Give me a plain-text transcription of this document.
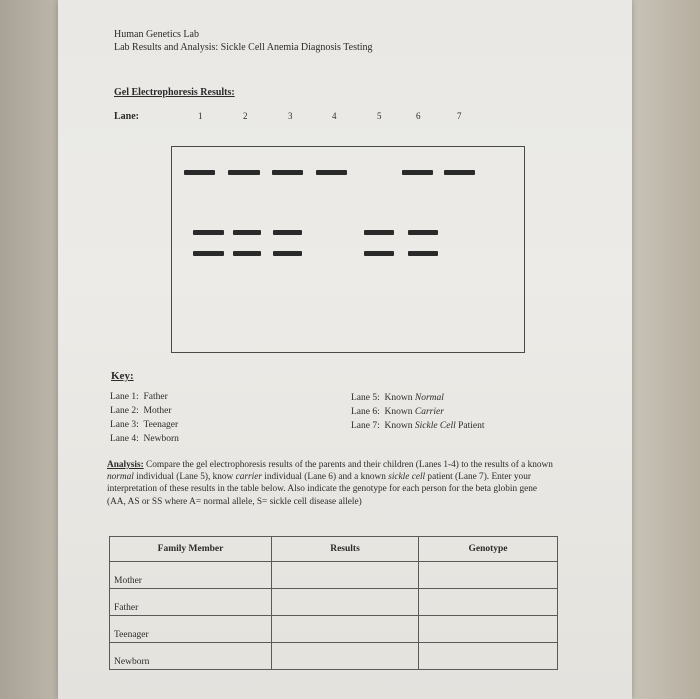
Human Genetics Lab
Lab Results and Analysis: Sickle Cell Anemia Diagnosis Testing
Gel Electrophoresis Results:
Lane:	1	2	3	4	5	6	7
Key:
Lane 1: Father
Lane 2: Mother
Lane 3: Teenager
Lane 4: Newborn
Lane 5: Known Normal
Lane 6: Known Carrier
Lane 7: Known Sickle Cell Patient
Analysis: Compare the gel electrophoresis results of the parents and their children (Lanes 1-4) to the results of a known normal individual (Lane 5), know carrier individual (Lane 6) and a known sickle cell patient (Lane 7). Enter your interpretation of these results in the table below. Also indicate the genotype for each person for the beta globin gene (AA, AS or SS where A= normal allele, S= sickle cell disease allele)
Family Member	Results	Genotype
Mother		
Father		
Teenager		
Newborn		
